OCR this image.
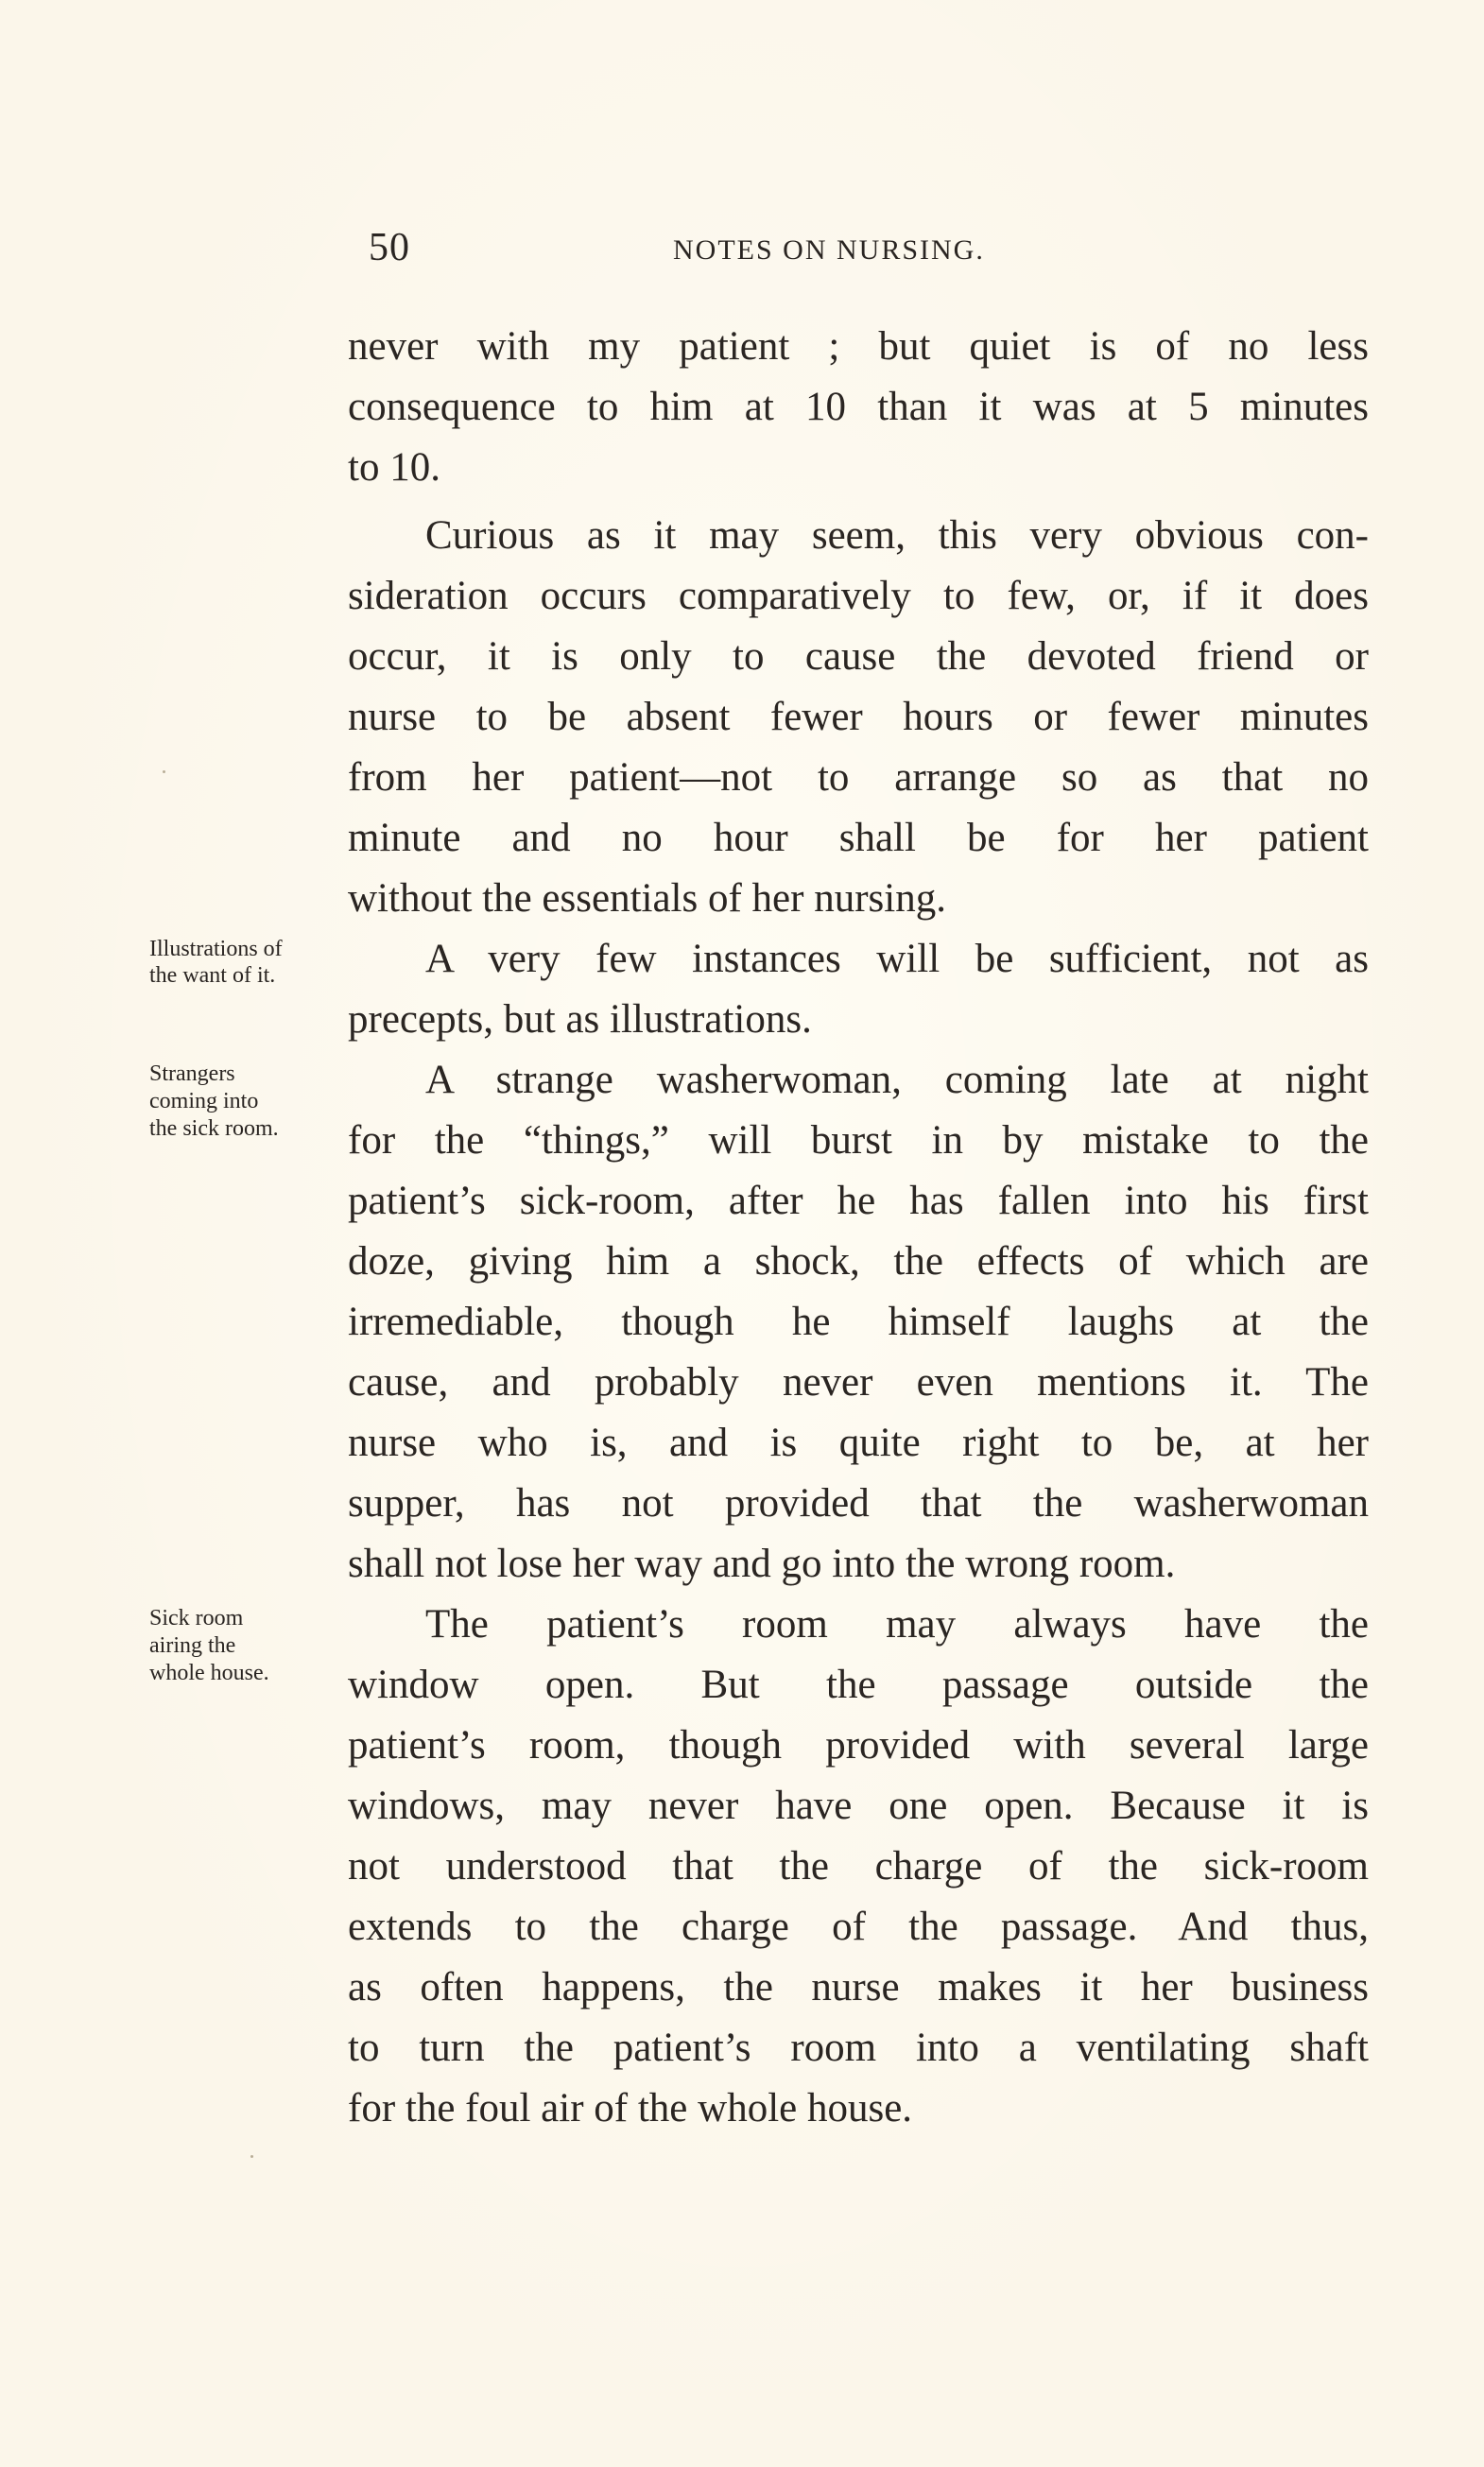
50	NOTES ON NURSING.
Illustrations of
the want of it.
Strangers
coming into
the sick room.
Sick room
airing the
whole house.
never with my patient ; but quiet is of no less
consequence to him at 10 than it was at 5 minutes
to 10.
Curious as it may seem, this very obvious con-
sideration occurs comparatively to few, or, if it does
occur, it is only to cause the devoted friend or
nurse to be absent fewer hours or fewer minutes
from her patient—not to arrange so as that no
minute and no hour shall be for her patient
without the essentials of her nursing.
A very few instances will be sufficient, not as
precepts, but as illustrations.
A strange washerwoman, coming late at night
for the “things,” will burst in by mistake to the
patient’s sick-room, after he has fallen into his first
doze, giving him a shock, the effects of which are
irremediable, though he himself laughs at the
cause, and probably never even mentions it. The
nurse who is, and is quite right to be, at her
supper, has not provided that the washerwoman
shall not lose her way and go into the wrong room.
The patient’s room may always have the
window open. But the passage outside the
patient’s room, though provided with several large
windows, may never have one open. Because it is
not understood that the charge of the sick-room
extends to the charge of the passage. And thus,
as often happens, the nurse makes it her business
to turn the patient’s room into a ventilating shaft
for the foul air of the whole house.
